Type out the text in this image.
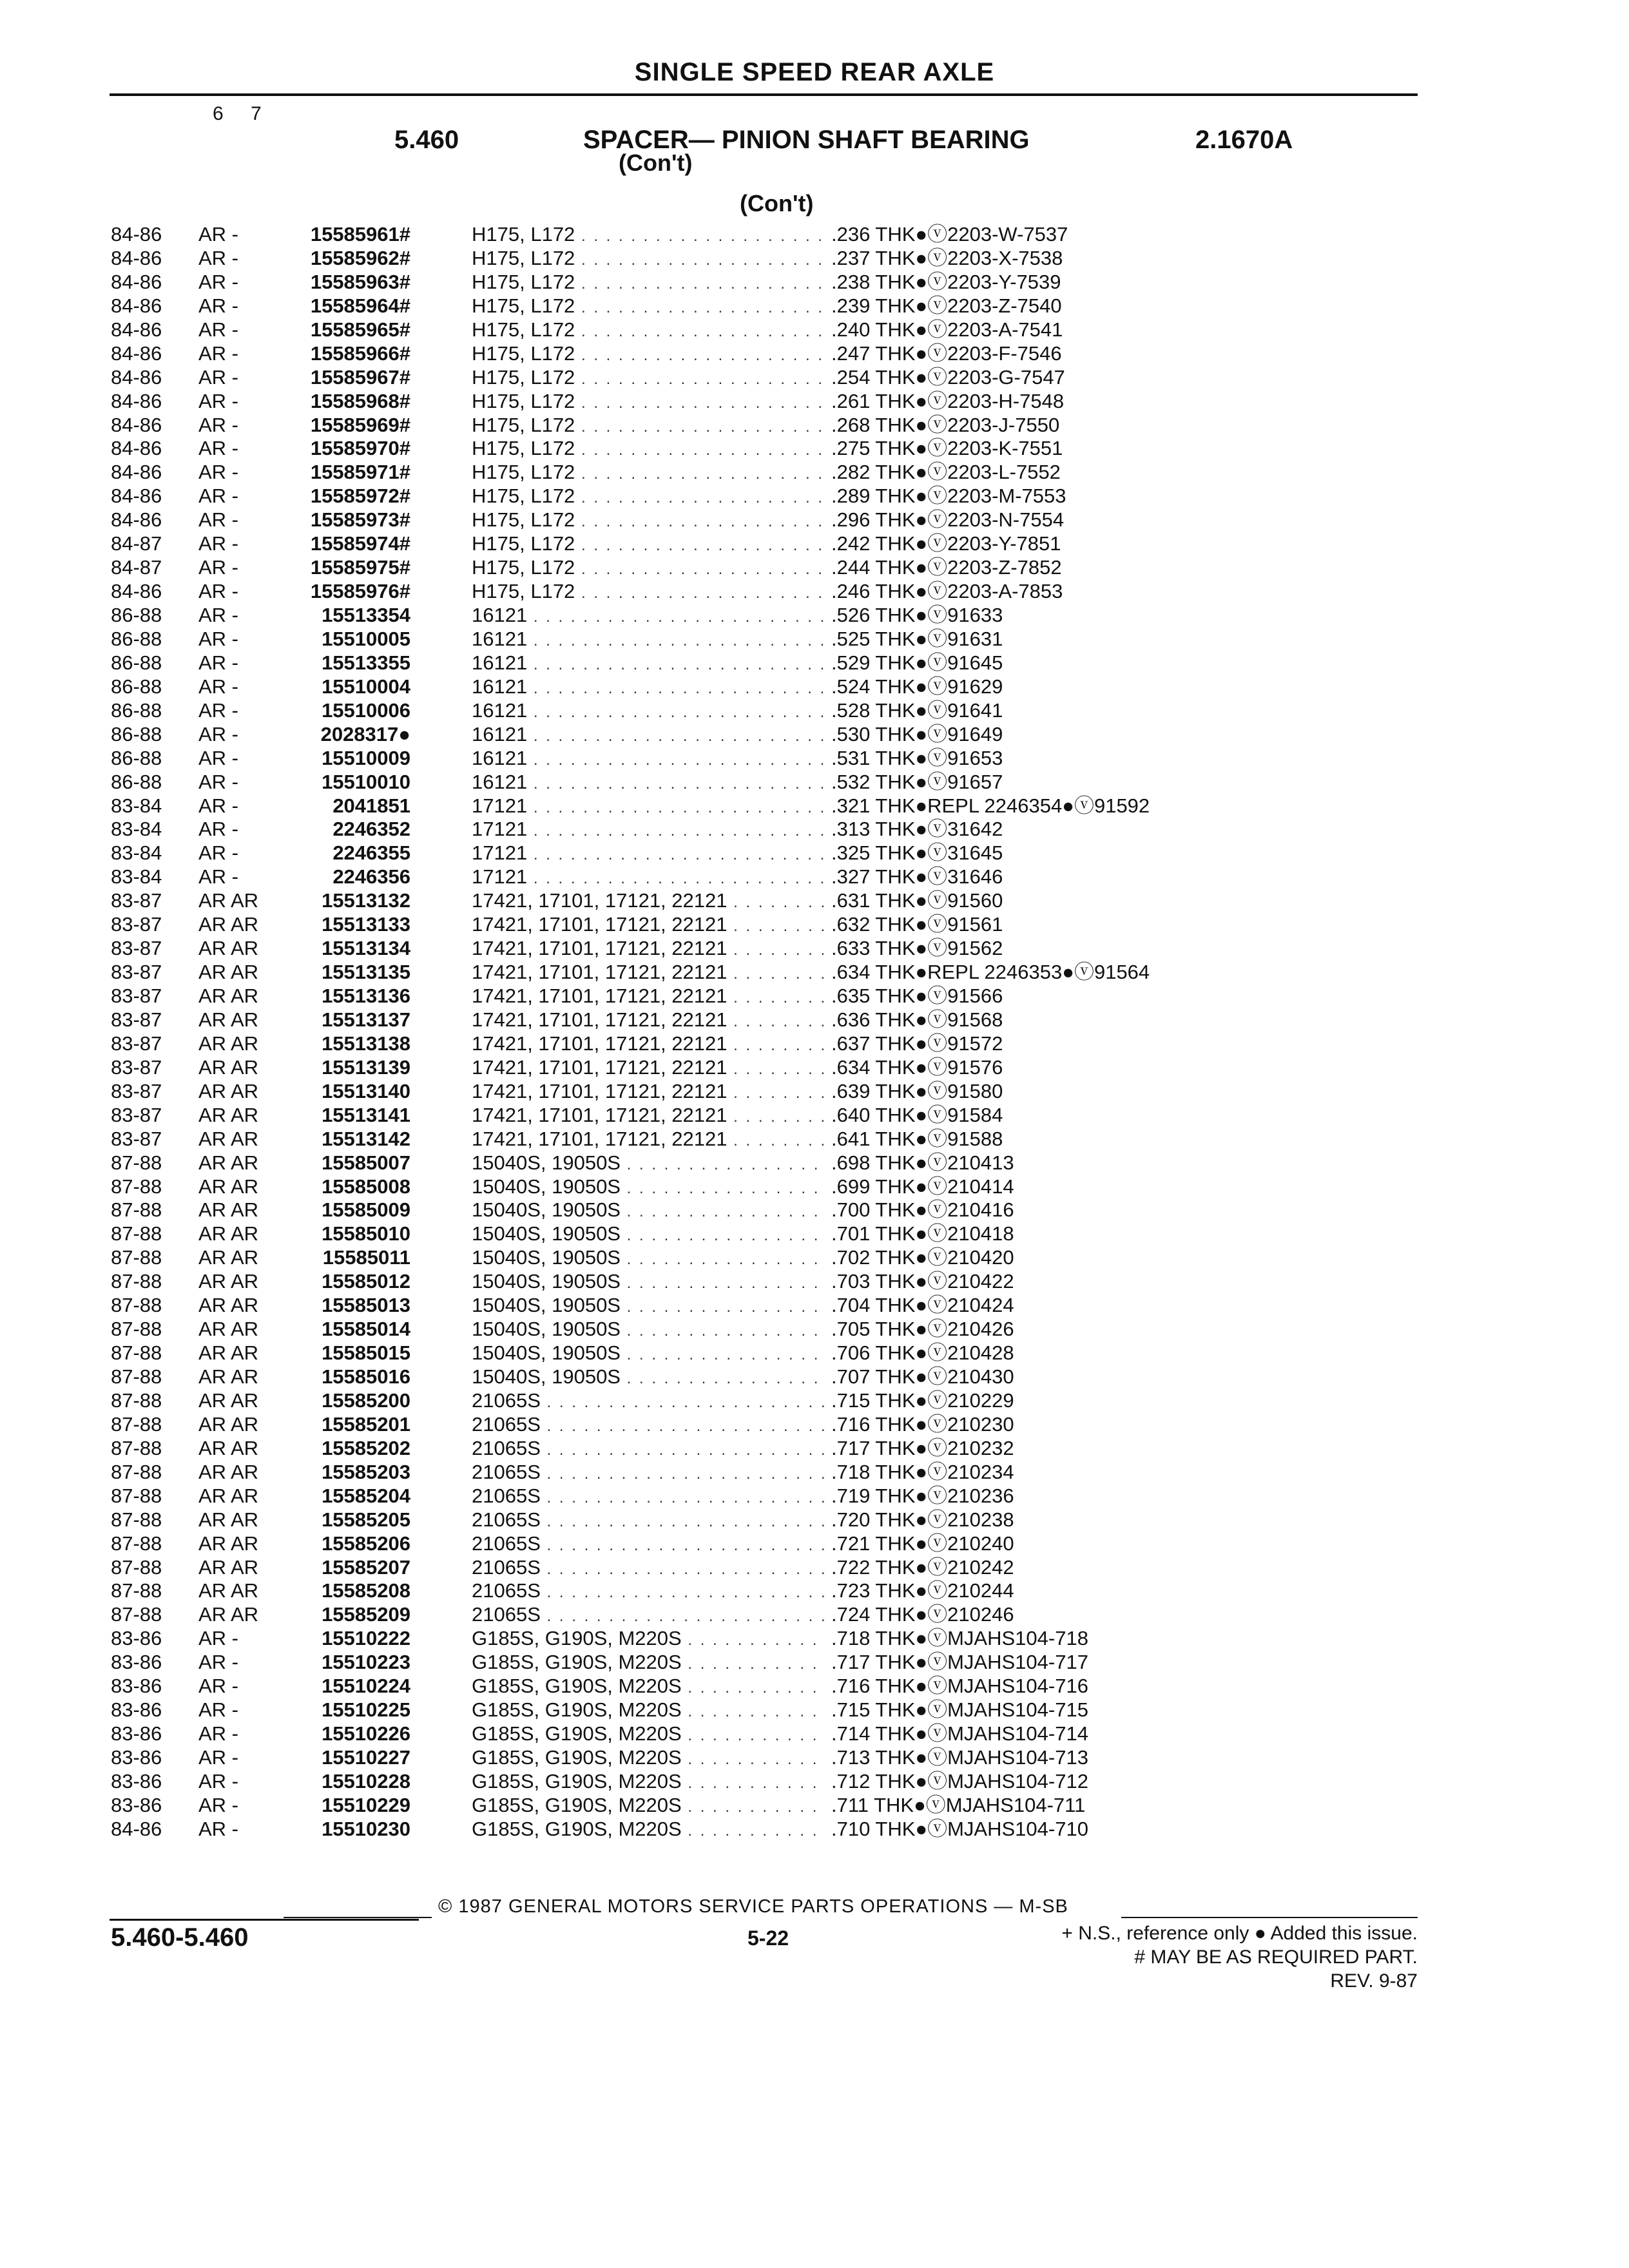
SINGLE SPEED REAR AXLE
6 7
5.460	SPACER— PINION SHAFT BEARING
(Con't)
2.1670A
(Con't)
84-86 AR -	15585961#	H175, L172 . . .	.236 THK●ⓥ2203-W-7537
84-86 AR -	15585962#	H175, L172 . . .	.237 THK●ⓥ2203-X-7538
84-86 AR -	15585963#	H175, L172 . . .	.238 THK●ⓥ2203-Y-7539
84-86 AR -	15585964#	H175, L172 . . .	.239 THK●ⓥ2203-Z-7540
84-86 AR -	15585965#	H175, L172 . . .	.240 THK●ⓥ2203-A-7541
84-86 AR -	15585966#	H175, L172 . . .	.247 THK●ⓥ2203-F-7546
84-86 AR -	15585967#	H175, L172 . . .	.254 THK●ⓥ2203-G-7547
84-86 AR -	15585968#	H175, L172 . . .	.261 THK●ⓥ2203-H-7548
84-86 AR -	15585969#	H175, L172 . . .	.268 THK●ⓥ2203-J-7550
84-86 AR -	15585970#	H175, L172 . . .	.275 THK●ⓥ2203-K-7551
84-86 AR -	15585971#	H175, L172 . . .	.282 THK●ⓥ2203-L-7552
84-86 AR -	15585972#	H175, L172 . . .	.289 THK●ⓥ2203-M-7553
84-86 AR -	15585973#	H175, L172 . . .	.296 THK●ⓥ2203-N-7554
84-87 AR -	15585974#	H175, L172 . . .	.242 THK●ⓥ2203-Y-7851
84-87 AR -	15585975#	H175, L172 . . .	.244 THK●ⓥ2203-Z-7852
84-86 AR -	15585976#	H175, L172 . . .	.246 THK●ⓥ2203-A-7853
86-88 AR -	15513354	16121 . . .	.526 THK●ⓥ91633
86-88 AR -	15510005	16121 . . .	.525 THK●ⓥ91631
86-88 AR -	15513355	16121 . . .	.529 THK●ⓥ91645
86-88 AR -	15510004	16121 . . .	.524 THK●ⓥ91629
86-88 AR -	15510006	16121 . . .	.528 THK●ⓥ91641
86-88 AR -	2028317●	16121 . . .	.530 THK●ⓥ91649
86-88 AR -	15510009	16121 . . .	.531 THK●ⓥ91653
86-88 AR -	15510010	16121 . . .	.532 THK●ⓥ91657
83-84 AR -	2041851	17121 . . .	.321 THK●REPL 2246354●ⓥ91592
83-84 AR -	2246352	17121 . . .	.313 THK●ⓥ31642
83-84 AR -	2246355	17121 . . .	.325 THK●ⓥ31645
83-84 AR -	2246356	17121 . . .	.327 THK●ⓥ31646
83-87 AR AR	15513132	17421, 17101, 17121, 22121 . . .	.631 THK●ⓥ91560
83-87 AR AR	15513133	17421, 17101, 17121, 22121 . . .	.632 THK●ⓥ91561
83-87 AR AR	15513134	17421, 17101, 17121, 22121 . . .	.633 THK●ⓥ91562
83-87 AR AR	15513135	17421, 17101, 17121, 22121 . . .	.634 THK●REPL 2246353●ⓥ91564
83-87 AR AR	15513136	17421, 17101, 17121, 22121 . . .	.635 THK●ⓥ91566
83-87 AR AR	15513137	17421, 17101, 17121, 22121 . . .	.636 THK●ⓥ91568
83-87 AR AR	15513138	17421, 17101, 17121, 22121 . . .	.637 THK●ⓥ91572
83-87 AR AR	15513139	17421, 17101, 17121, 22121 . . .	.634 THK●ⓥ91576
83-87 AR AR	15513140	17421, 17101, 17121, 22121 . . .	.639 THK●ⓥ91580
83-87 AR AR	15513141	17421, 17101, 17121, 22121 . . .	.640 THK●ⓥ91584
83-87 AR AR	15513142	17421, 17101, 17121, 22121 . . .	.641 THK●ⓥ91588
87-88 AR AR	15585007	15040S, 19050S . . .	.698 THK●ⓥ210413
87-88 AR AR	15585008	15040S, 19050S . . .	.699 THK●ⓥ210414
87-88 AR AR	15585009	15040S, 19050S . . .	.700 THK●ⓥ210416
87-88 AR AR	15585010	15040S, 19050S . . .	.701 THK●ⓥ210418
87-88 AR AR	15585011	15040S, 19050S . . .	.702 THK●ⓥ210420
87-88 AR AR	15585012	15040S, 19050S . . .	.703 THK●ⓥ210422
87-88 AR AR	15585013	15040S, 19050S . . .	.704 THK●ⓥ210424
87-88 AR AR	15585014	15040S, 19050S . . .	.705 THK●ⓥ210426
87-88 AR AR	15585015	15040S, 19050S . . .	.706 THK●ⓥ210428
87-88 AR AR	15585016	15040S, 19050S . . .	.707 THK●ⓥ210430
87-88 AR AR	15585200	21065S . . .	.715 THK●ⓥ210229
87-88 AR AR	15585201	21065S . . .	.716 THK●ⓥ210230
87-88 AR AR	15585202	21065S . . .	.717 THK●ⓥ210232
87-88 AR AR	15585203	21065S . . .	.718 THK●ⓥ210234
87-88 AR AR	15585204	21065S . . .	.719 THK●ⓥ210236
87-88 AR AR	15585205	21065S . . .	.720 THK●ⓥ210238
87-88 AR AR	15585206	21065S . . .	.721 THK●ⓥ210240
87-88 AR AR	15585207	21065S . . .	.722 THK●ⓥ210242
87-88 AR AR	15585208	21065S . . .	.723 THK●ⓥ210244
87-88 AR AR	15585209	21065S . . .	.724 THK●ⓥ210246
83-86 AR -	15510222	G185S, G190S, M220S . . .	.718 THK●ⓥMJAHS104-718
83-86 AR -	15510223	G185S, G190S, M220S . . .	.717 THK●ⓥMJAHS104-717
83-86 AR -	15510224	G185S, G190S, M220S . . .	.716 THK●ⓥMJAHS104-716
83-86 AR -	15510225	G185S, G190S, M220S . . .	.715 THK●ⓥMJAHS104-715
83-86 AR -	15510226	G185S, G190S, M220S . . .	.714 THK●ⓥMJAHS104-714
83-86 AR -	15510227	G185S, G190S, M220S . . .	.713 THK●ⓥMJAHS104-713
83-86 AR -	15510228	G185S, G190S, M220S . . .	.712 THK●ⓥMJAHS104-712
83-86 AR -	15510229	G185S, G190S, M220S . . .	.711 THK●ⓥMJAHS104-711
84-86 AR -	15510230	G185S, G190S, M220S . . .	.710 THK●ⓥMJAHS104-710
© 1987 GENERAL MOTORS SERVICE PARTS OPERATIONS — M-SB
5.460-5.460	5-22	+ N.S., reference only ● Added this issue.
# MAY BE AS REQUIRED PART.
REV. 9-87
